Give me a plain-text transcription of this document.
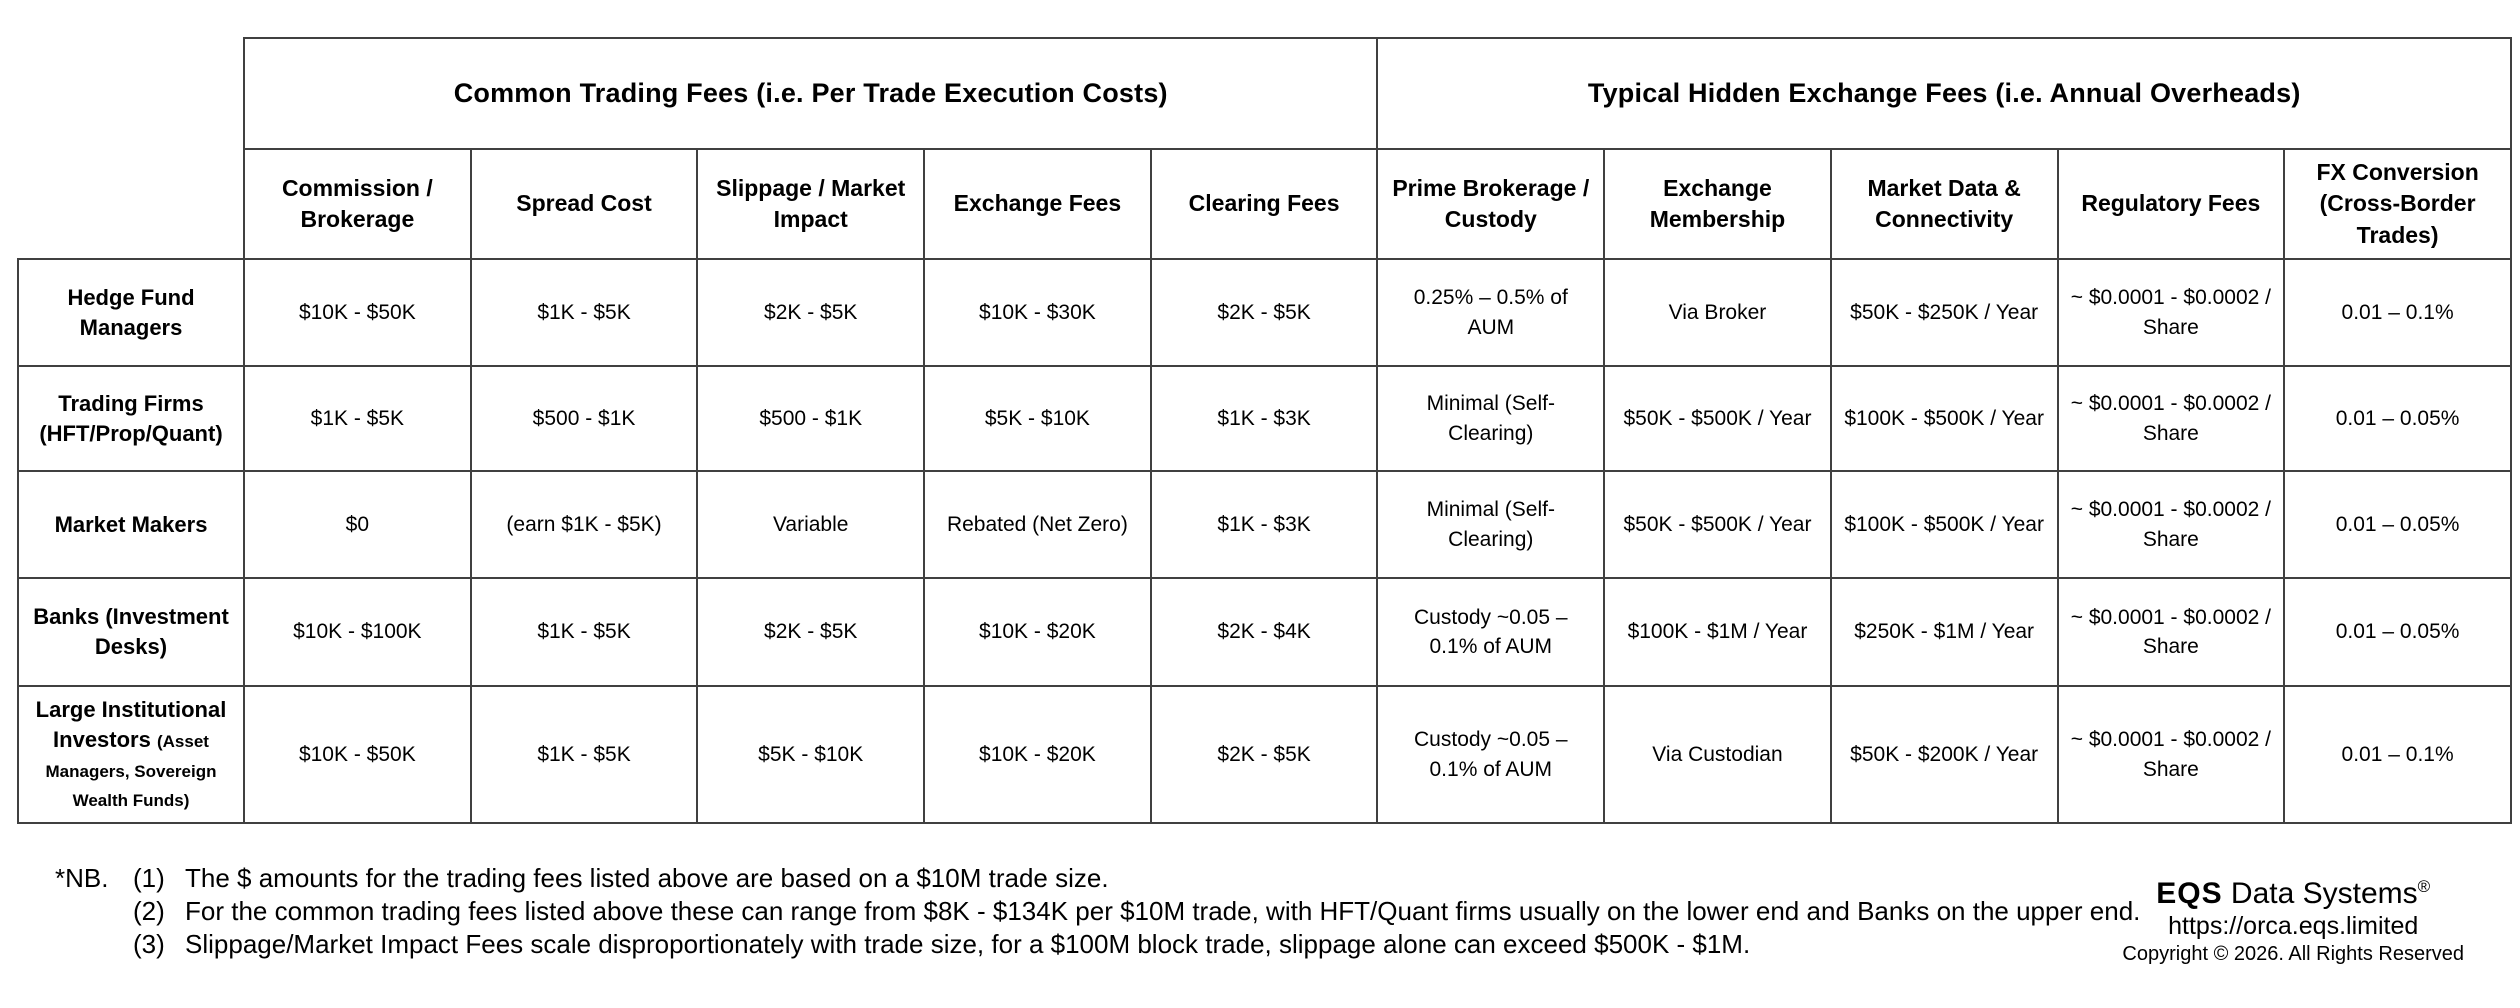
	Common Trading Fees (i.e. Per Trade Execution Costs)					Typical Hidden Exchange Fees (i.e. Annual Overheads)				
	Commission / Brokerage	Spread Cost	Slippage / Market Impact	Exchange Fees	Clearing Fees	Prime Brokerage / Custody	Exchange Membership	Market Data & Connectivity	Regulatory Fees	FX Conversion (Cross-Border Trades)
Hedge Fund Managers	$10K - $50K	$1K - $5K	$2K - $5K	$10K - $30K	$2K - $5K	0.25% – 0.5% of AUM	Via Broker	$50K - $250K / Year	~ $0.0001 - $0.0002 / Share	0.01 – 0.1%
Trading Firms (HFT/Prop/Quant)	$1K - $5K	$500 - $1K	$500 - $1K	$5K - $10K	$1K - $3K	Minimal (Self-Clearing)	$50K - $500K / Year	$100K - $500K / Year	~ $0.0001 - $0.0002 / Share	0.01 – 0.05%
Market Makers	$0	(earn $1K - $5K)	Variable	Rebated (Net Zero)	$1K - $3K	Minimal (Self-Clearing)	$50K - $500K / Year	$100K - $500K / Year	~ $0.0001 - $0.0002 / Share	0.01 – 0.05%
Banks (Investment Desks)	$10K - $100K	$1K - $5K	$2K - $5K	$10K - $20K	$2K - $4K	Custody ~0.05 – 0.1% of AUM	$100K - $1M / Year	$250K - $1M / Year	~ $0.0001 - $0.0002 / Share	0.01 – 0.05%
Large Institutional Investors (Asset Managers, Sovereign Wealth Funds)	$10K - $50K	$1K - $5K	$5K - $10K	$10K - $20K	$2K - $5K	Custody ~0.05 – 0.1% of AUM	Via Custodian	$50K - $200K / Year	~ $0.0001 - $0.0002 / Share	0.01 – 0.1%
*NB. (1) The $ amounts for the trading fees listed above are based on a $10M trade size.
(2) For the common trading fees listed above these can range from $8K - $134K per $10M trade, with HFT/Quant firms usually on the lower end and Banks on the upper end.
(3) Slippage/Market Impact Fees scale disproportionately with trade size, for a $100M block trade, slippage alone can exceed $500K - $1M.
EQS Data Systems®
https://orca.eqs.limited
Copyright © 2026. All Rights Reserved
